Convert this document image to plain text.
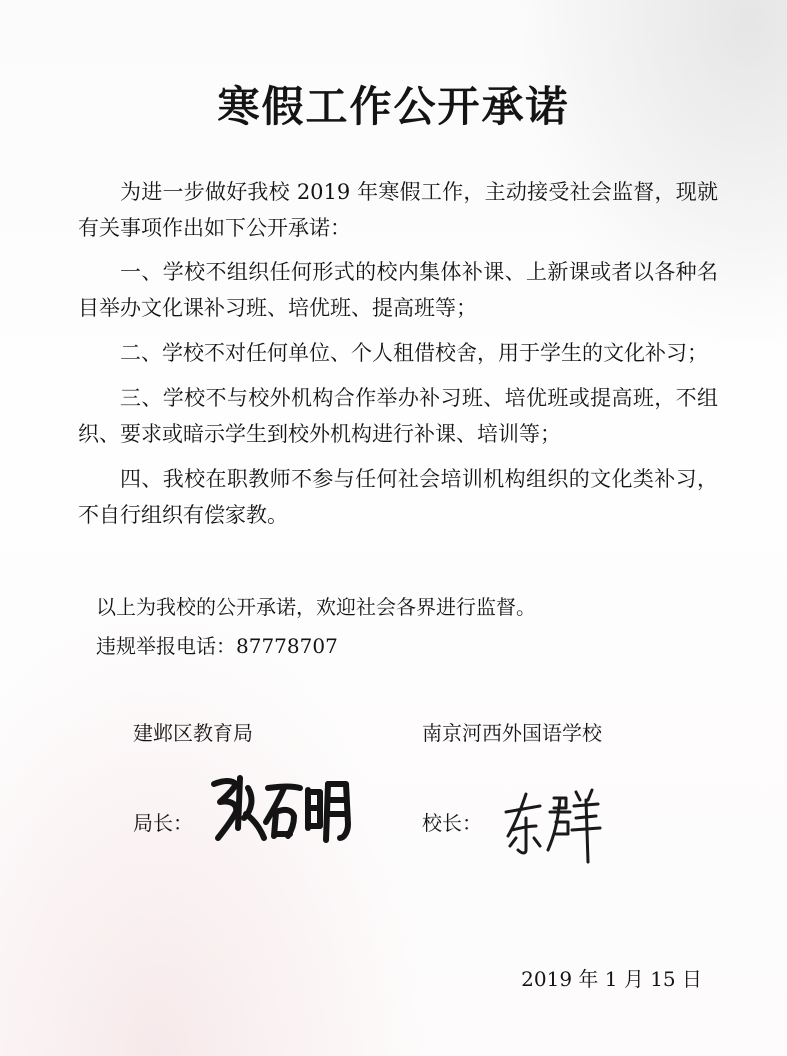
寒假工作公开承诺

为进一步做好我校 2019 年寒假工作，主动接受社会监督，现就有关事项作出如下公开承诺：

一、学校不组织任何形式的校内集体补课、上新课或者以各种名目举办文化课补习班、培优班、提高班等；

二、学校不对任何单位、个人租借校舍，用于学生的文化补习；

三、学校不与校外机构合作举办补习班、培优班或提高班，不组织、要求或暗示学生到校外机构进行补课、培训等；

四、我校在职教师不参与任何社会培训机构组织的文化类补习，不自行组织有偿家教。

以上为我校的公开承诺，欢迎社会各界进行监督。
违规举报电话：87778707
建邺区教育局	南京河西外国语学校
局长：	校长：
2019 年 1 月 15 日
